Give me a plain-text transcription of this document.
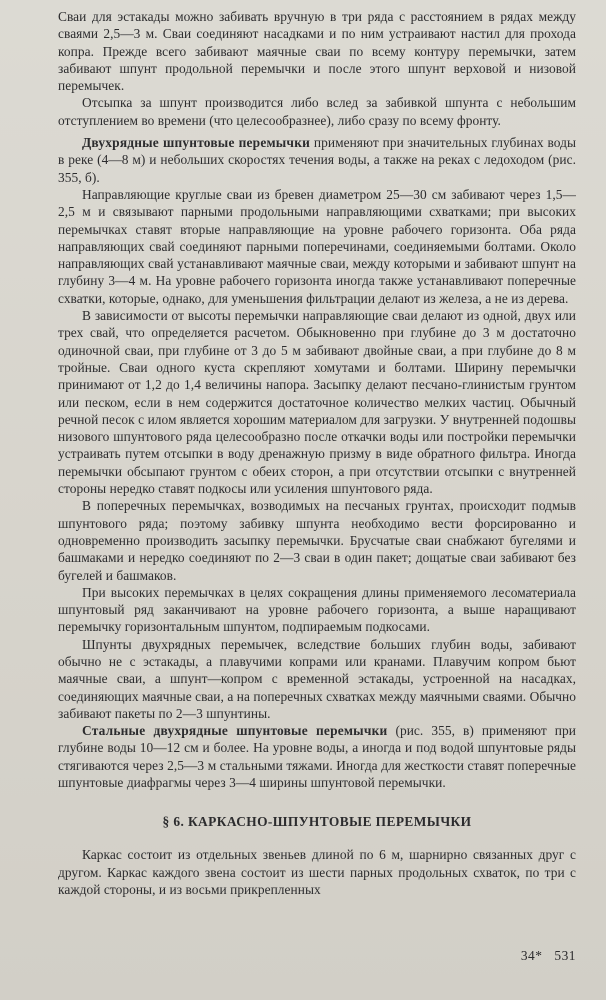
Сваи для эстакады можно забивать вручную в три ряда с расстоянием в рядах между сваями 2,5—3 м. Сваи соединяют насадками и по ним устраивают настил для прохода копра. Прежде всего забивают маячные сваи по всему контуру перемычки, затем забивают шпунт продольной перемычки и после этого шпунт верховой и низовой перемычек.

Отсыпка за шпунт производится либо вслед за забивкой шпунта с небольшим отступлением во времени (что целесообразнее), либо сразу по всему фронту.

Двухрядные шпунтовые перемычки применяют при значительных глубинах воды в реке (4—8 м) и небольших скоростях течения воды, а также на реках с ледоходом (рис. 355, б).

Направляющие круглые сваи из бревен диаметром 25—30 см забивают через 1,5—2,5 м и связывают парными продольными направляющими схватками; при высоких перемычках ставят вторые направляющие на уровне рабочего горизонта. Оба ряда направляющих свай соединяют парными поперечинами, соединяемыми болтами. Около направляющих свай устанавливают маячные сваи, между которыми и забивают шпунт на глубину 3—4 м. На уровне рабочего горизонта иногда также устанавливают поперечные схватки, которые, однако, для уменьшения фильтрации делают из железа, а не из дерева.

В зависимости от высоты перемычки направляющие сваи делают из одной, двух или трех свай, что определяется расчетом. Обыкновенно при глубине до 3 м достаточно одиночной сваи, при глубине от 3 до 5 м забивают двойные сваи, а при глубине до 8 м тройные. Сваи одного куста скрепляют хомутами и болтами. Ширину перемычки принимают от 1,2 до 1,4 величины напора. Засыпку делают песчано-глинистым грунтом или песком, если в нем содержится достаточное количество мелких частиц. Обычный речной песок с илом является хорошим материалом для загрузки. У внутренней подошвы низового шпунтового ряда целесообразно после откачки воды или постройки перемычки устраивать путем отсыпки в воду дренажную призму в виде обратного фильтра. Иногда перемычки обсыпают грунтом с обеих сторон, а при отсутствии отсыпки с внутренней стороны нередко ставят подкосы или усиления шпунтового ряда.

В поперечных перемычках, возводимых на песчаных грунтах, происходит подмыв шпунтового ряда; поэтому забивку шпунта необходимо вести форсированно и одновременно производить засыпку перемычки. Брусчатые сваи снабжают бугелями и башмаками и нередко соединяют по 2—3 сваи в один пакет; дощатые сваи забивают без бугелей и башмаков.

При высоких перемычках в целях сокращения длины применяемого лесоматериала шпунтовый ряд заканчивают на уровне рабочего горизонта, а выше наращивают перемычку горизонтальным шпунтом, подпираемым подкосами.

Шпунты двухрядных перемычек, вследствие больших глубин воды, забивают обычно не с эстакады, а плавучими копрами или кранами. Плавучим копром бьют маячные сваи, а шпунт—копром с временной эстакады, устроенной на насадках, соединяющих маячные сваи, а на поперечных схватках между маячными сваями. Обычно забивают пакеты по 2—3 шпунтины.

Стальные двухрядные шпунтовые перемычки (рис. 355, в) применяют при глубине воды 10—12 см и более. На уровне воды, а иногда и под водой шпунтовые ряды стягиваются через 2,5—3 м стальными тяжами. Иногда для жесткости ставят поперечные шпунтовые диафрагмы через 3—4 ширины шпунтовой перемычки.

§ 6. КАРКАСНО-ШПУНТОВЫЕ ПЕРЕМЫЧКИ

Каркас состоит из отдельных звеньев длиной по 6 м, шарнирно связанных друг с другом. Каркас каждого звена состоит из шести парных продольных схваток, по три с каждой стороны, и из восьми прикрепленных

34* 531
